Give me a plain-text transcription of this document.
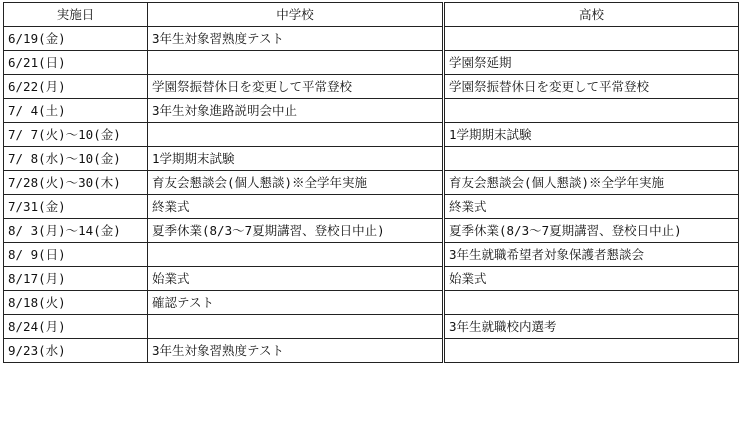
実施日	中学校	高校
6/19(金)	3年生対象習熟度テスト	
6/21(日)		学園祭延期
6/22(月)	学園祭振替休日を変更して平常登校	学園祭振替休日を変更して平常登校
7/ 4(土)	3年生対象進路説明会中止	
7/ 7(火)～10(金)		1学期期末試験
7/ 8(水)～10(金)	1学期期末試験	
7/28(火)～30(木)	育友会懇談会(個人懇談)※全学年実施	育友会懇談会(個人懇談)※全学年実施
7/31(金)	終業式	終業式
8/ 3(月)～14(金)	夏季休業(8/3～7夏期講習、登校日中止)	夏季休業(8/3～7夏期講習、登校日中止)
8/ 9(日)		3年生就職希望者対象保護者懇談会
8/17(月)	始業式	始業式
8/18(火)	確認テスト	
8/24(月)		3年生就職校内選考
9/23(水)	3年生対象習熟度テスト	
